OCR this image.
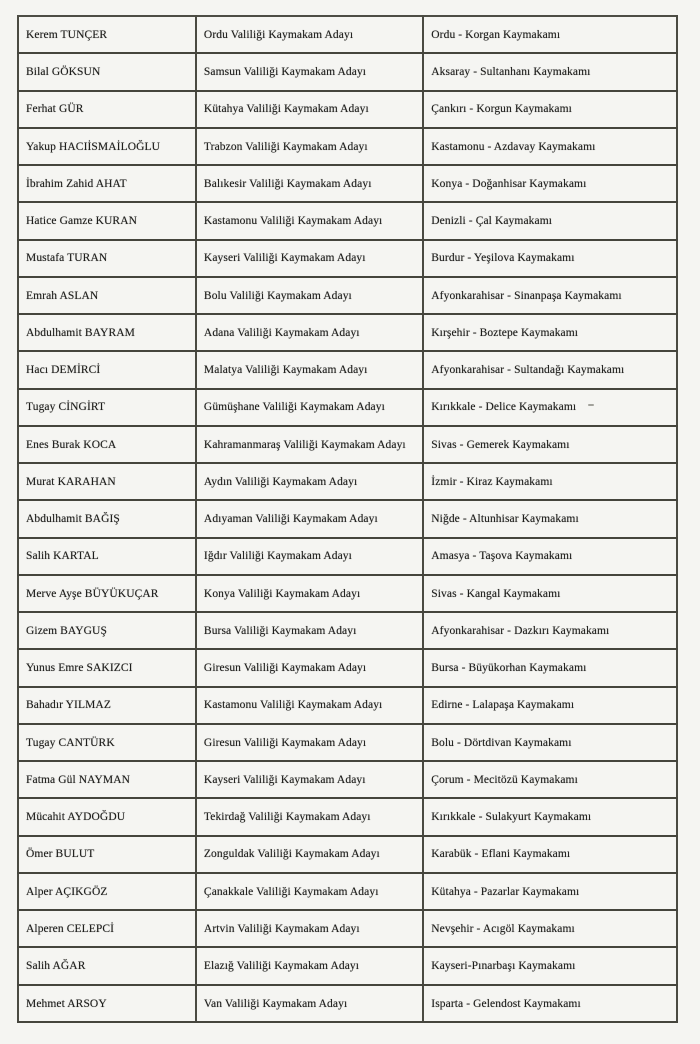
Kerem TUNÇER	Ordu Valiliği Kaymakam Adayı	Ordu - Korgan Kaymakamı
Bilal GÖKSUN	Samsun Valiliği Kaymakam Adayı	Aksaray - Sultanhanı Kaymakamı
Ferhat GÜR	Kütahya Valiliği Kaymakam Adayı	Çankırı - Korgun Kaymakamı
Yakup HACIİSMAİLOĞLU	Trabzon Valiliği Kaymakam Adayı	Kastamonu - Azdavay Kaymakamı
İbrahim Zahid AHAT	Balıkesir Valiliği Kaymakam Adayı	Konya - Doğanhisar Kaymakamı
Hatice Gamze KURAN	Kastamonu Valiliği Kaymakam Adayı	Denizli - Çal Kaymakamı
Mustafa TURAN	Kayseri Valiliği Kaymakam Adayı	Burdur - Yeşilova Kaymakamı
Emrah ASLAN	Bolu Valiliği Kaymakam Adayı	Afyonkarahisar - Sinanpaşa Kaymakamı
Abdulhamit BAYRAM	Adana Valiliği Kaymakam Adayı	Kırşehir - Boztepe Kaymakamı
Hacı DEMİRCİ	Malatya Valiliği Kaymakam Adayı	Afyonkarahisar - Sultandağı Kaymakamı
Tugay CİNGİRT	Gümüşhane Valiliği Kaymakam Adayı	Kırıkkale - Delice Kaymakamı
Enes Burak KOCA	Kahramanmaraş Valiliği Kaymakam Adayı	Sivas - Gemerek Kaymakamı
Murat KARAHAN	Aydın Valiliği Kaymakam Adayı	İzmir - Kiraz Kaymakamı
Abdulhamit BAĞIŞ	Adıyaman Valiliği Kaymakam Adayı	Niğde - Altunhisar Kaymakamı
Salih KARTAL	Iğdır Valiliği Kaymakam Adayı	Amasya - Taşova Kaymakamı
Merve Ayşe BÜYÜKUÇAR	Konya Valiliği Kaymakam Adayı	Sivas - Kangal Kaymakamı
Gizem BAYGUŞ	Bursa Valiliği Kaymakam Adayı	Afyonkarahisar - Dazkırı Kaymakamı
Yunus Emre SAKIZCI	Giresun Valiliği Kaymakam Adayı	Bursa - Büyükorhan Kaymakamı
Bahadır YILMAZ	Kastamonu Valiliği Kaymakam Adayı	Edirne - Lalapaşa Kaymakamı
Tugay CANTÜRK	Giresun Valiliği Kaymakam Adayı	Bolu - Dörtdivan Kaymakamı
Fatma Gül NAYMAN	Kayseri Valiliği Kaymakam Adayı	Çorum - Mecitözü Kaymakamı
Mücahit AYDOĞDU	Tekirdağ Valiliği Kaymakam Adayı	Kırıkkale - Sulakyurt Kaymakamı
Ömer BULUT	Zonguldak Valiliği Kaymakam Adayı	Karabük - Eflani Kaymakamı
Alper AÇIKGÖZ	Çanakkale Valiliği Kaymakam Adayı	Kütahya - Pazarlar Kaymakamı
Alperen CELEPCİ	Artvin Valiliği Kaymakam Adayı	Nevşehir - Acıgöl Kaymakamı
Salih AĞAR	Elazığ Valiliği Kaymakam Adayı	Kayseri-Pınarbaşı Kaymakamı
Mehmet ARSOY	Van Valiliği Kaymakam Adayı	Isparta - Gelendost Kaymakamı
